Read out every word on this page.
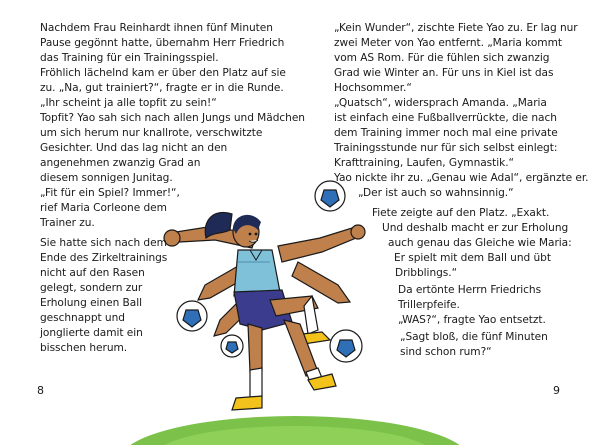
8	9
Nachdem Frau Reinhardt ihnen fünf Minuten
Pause gegönnt hatte, übernahm Herr Friedrich
das Training für ein Trainingsspiel.
Fröhlich lächelnd kam er über den Platz auf sie
zu. „Na, gut trainiert?“, fragte er in die Runde.
„Ihr scheint ja alle topfit zu sein!“
Topfit? Yao sah sich nach allen Jungs und Mädchen
um sich herum nur knallrote, verschwitzte
Gesichter. Und das lag nicht an den
angenehmen zwanzig Grad an
diesem sonnigen Junitag.
„Fit für ein Spiel? Immer!“,
rief Maria Corleone dem
Trainer zu.
Sie hatte sich nach dem
Ende des Zirkeltrainings
nicht auf den Rasen
gelegt, sondern zur
Erholung einen Ball
geschnappt und
jonglierte damit ein
bisschen herum.
„Kein Wunder“, zischte Fiete Yao zu. Er lag nur
zwei Meter von Yao entfernt. „Maria kommt
vom AS Rom. Für die fühlen sich zwanzig
Grad wie Winter an. Für uns in Kiel ist das
Hochsommer.“
„Quatsch“, widersprach Amanda. „Maria
ist einfach eine Fußballverrückte, die nach
dem Training immer noch mal eine private
Trainingsstunde nur für sich selbst einlegt:
Krafttraining, Laufen, Gymnastik.“
Yao nickte ihr zu. „Genau wie Adal“, ergänzte er.
„Der ist auch so wahnsinnig.“
Fiete zeigte auf den Platz. „Exakt.
Und deshalb macht er zur Erholung
auch genau das Gleiche wie Maria:
Er spielt mit dem Ball und übt
Dribblings.“
Da ertönte Herrn Friedrichs
Trillerpfeife.
„WAS?“, fragte Yao entsetzt.
„Sagt bloß, die fünf Minuten
sind schon rum?“
